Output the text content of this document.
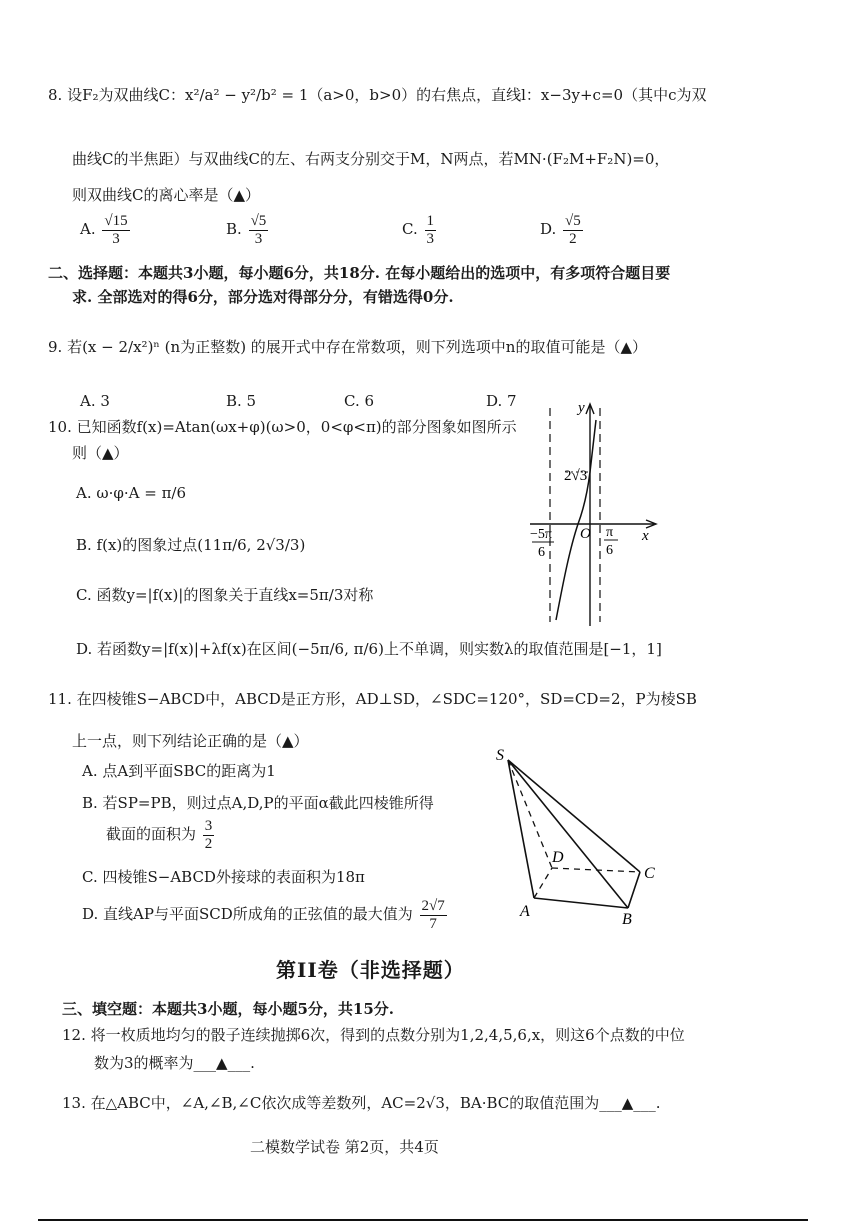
8. 设F₂为双曲线C：x²/a² − y²/b² = 1（a>0，b>0）的右焦点，直线l：x−3y+c=0（其中c为双
曲线C的半焦距）与双曲线C的左、右两支分别交于M，N两点，若MN·(F₂M+F₂N)=0，
则双曲线C的离心率是（▲）
A. $\frac{√15}{3}$	B. $\frac{√5}{3}$	C. $\frac{1}{3}$	D. $\frac{√5}{2}$
二、选择题：本题共3小题，每小题6分，共18分. 在每小题给出的选项中，有多项符合题目要
求. 全部选对的得6分，部分选对得部分分，有错选得0分.
9. 若(x − 2/x²)ⁿ (n为正整数) 的展开式中存在常数项，则下列选项中n的取值可能是（▲）
A. 3	B. 5	C. 6	D. 7
10. 已知函数f(x)=Atan(ωx+φ)(ω>0，0<φ<π)的部分图象如图所示
则（▲）
A. ω·φ·A = π/6
B. f(x)的图象过点(11π/6, 2√3/3)
C. 函数y=|f(x)|的图象关于直线x=5π/3对称
D. 若函数y=|f(x)|+λf(x)在区间(−5π/6, π/6)上不单调，则实数λ的取值范围是[−1，1]
y
x
2√3
O
−5π
6
π
6
11. 在四棱锥S−ABCD中，ABCD是正方形，AD⊥SD，∠SDC=120°，SD=CD=2，P为棱SB
上一点，则下列结论正确的是（▲）
A. 点A到平面SBC的距离为1
B. 若SP=PB，则过点A,D,P的平面α截此四棱锥所得
截面的面积为 $\frac{3}{2}$
C. 四棱锥S−ABCD外接球的表面积为18π
D. 直线AP与平面SCD所成角的正弦值的最大值为 $\frac{2√7}{7}$
S
A	B
C
D
第II卷（非选择题）
三、填空题：本题共3小题，每小题5分，共15分.
12. 将一枚质地均匀的骰子连续抛掷6次，得到的点数分别为1,2,4,5,6,x，则这6个点数的中位
数为3的概率为___▲___.
13. 在△ABC中，∠A,∠B,∠C依次成等差数列，AC=2√3，BA·BC的取值范围为___▲___.
二模数学试卷 第2页，共4页
